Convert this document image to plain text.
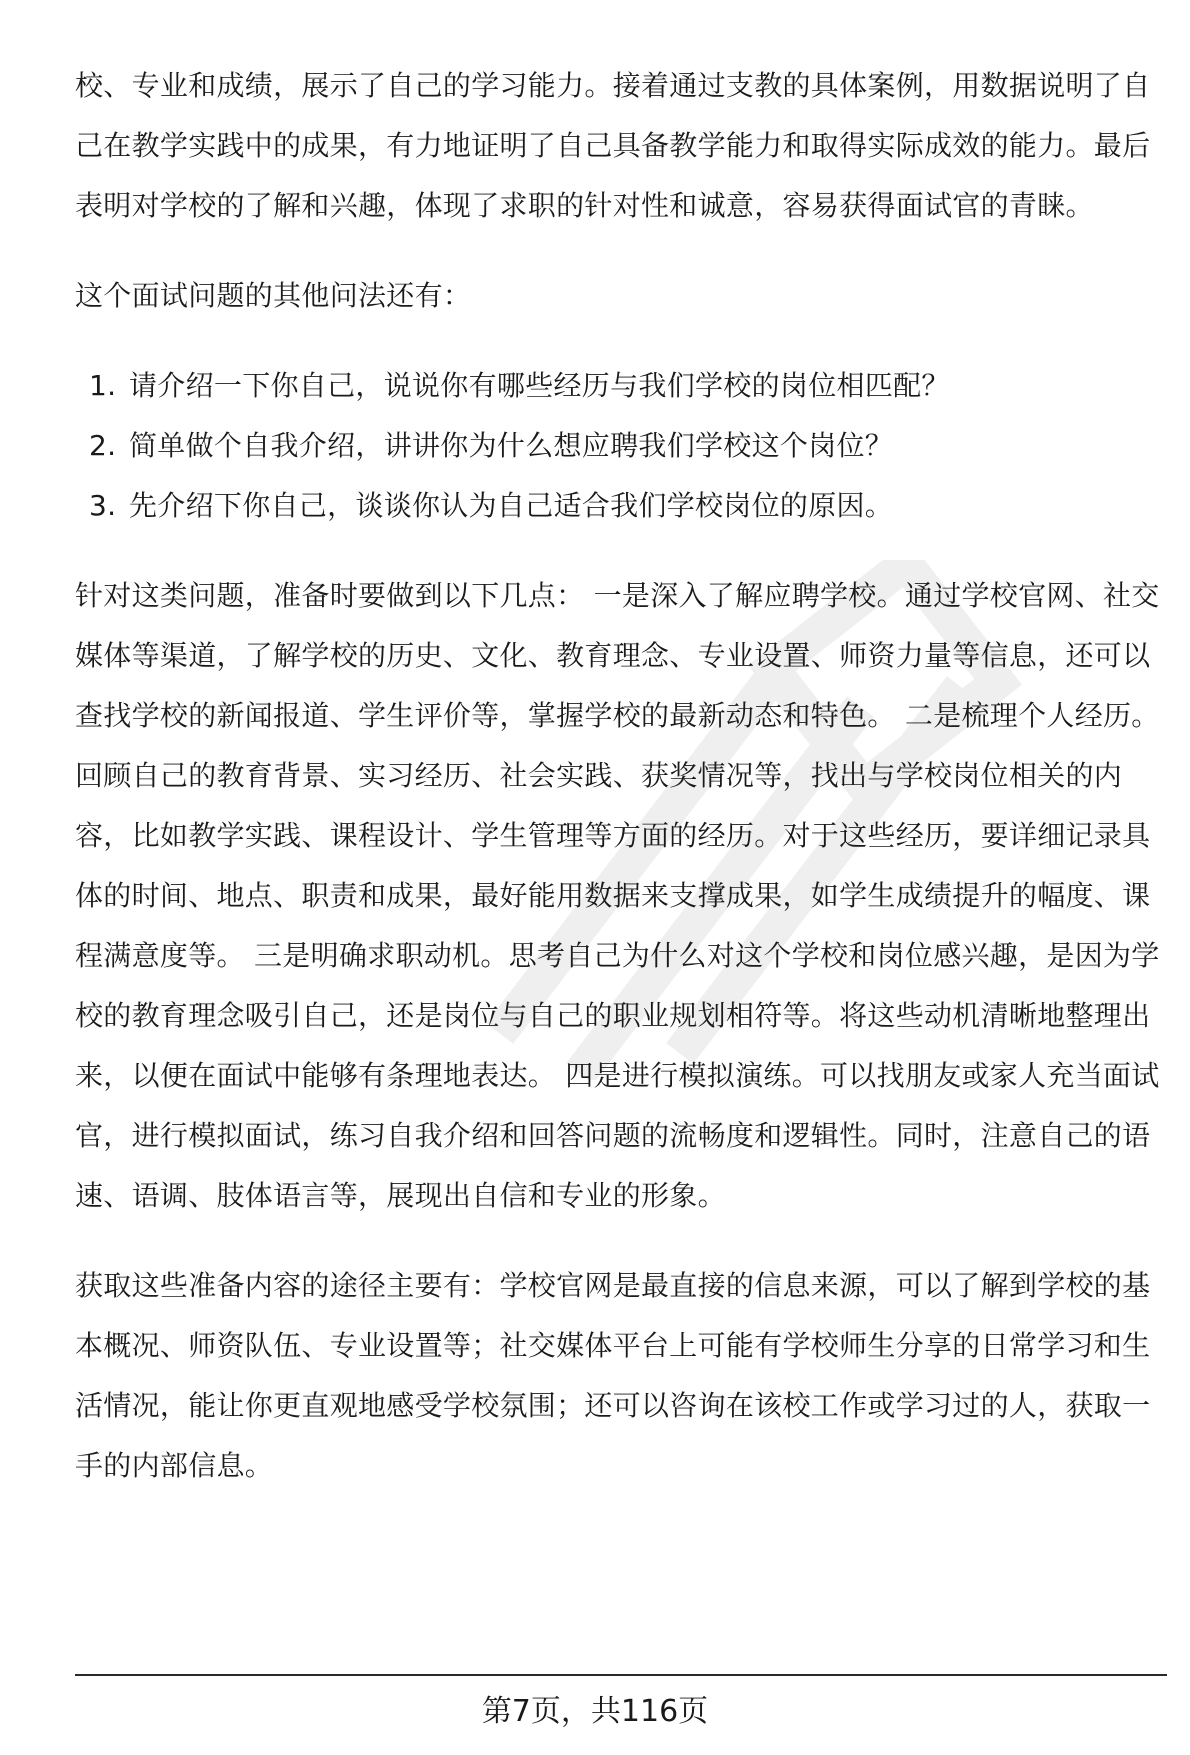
校、专业和成绩，展示了自己的学习能力。接着通过支教的具体案例，用数据说明了自己在教学实践中的成果，有力地证明了自己具备教学能力和取得实际成效的能力。最后表明对学校的了解和兴趣，体现了求职的针对性和诚意，容易获得面试官的青睐。

这个面试问题的其他问法还有：

1. 请介绍一下你自己，说说你有哪些经历与我们学校的岗位相匹配？
2. 简单做个自我介绍，讲讲你为什么想应聘我们学校这个岗位？
3. 先介绍下你自己，谈谈你认为自己适合我们学校岗位的原因。

针对这类问题，准备时要做到以下几点： 一是深入了解应聘学校。通过学校官网、社交媒体等渠道，了解学校的历史、文化、教育理念、专业设置、师资力量等信息，还可以查找学校的新闻报道、学生评价等，掌握学校的最新动态和特色。 二是梳理个人经历。回顾自己的教育背景、实习经历、社会实践、获奖情况等，找出与学校岗位相关的内容，比如教学实践、课程设计、学生管理等方面的经历。对于这些经历，要详细记录具体的时间、地点、职责和成果，最好能用数据来支撑成果，如学生成绩提升的幅度、课程满意度等。 三是明确求职动机。思考自己为什么对这个学校和岗位感兴趣，是因为学校的教育理念吸引自己，还是岗位与自己的职业规划相符等。将这些动机清晰地整理出来，以便在面试中能够有条理地表达。 四是进行模拟演练。可以找朋友或家人充当面试官，进行模拟面试，练习自我介绍和回答问题的流畅度和逻辑性。同时，注意自己的语速、语调、肢体语言等，展现出自信和专业的形象。

获取这些准备内容的途径主要有：学校官网是最直接的信息来源，可以了解到学校的基本概况、师资队伍、专业设置等；社交媒体平台上可能有学校师生分享的日常学习和生活情况，能让你更直观地感受学校氛围；还可以咨询在该校工作或学习过的人，获取一手的内部信息。

第7页，共116页
